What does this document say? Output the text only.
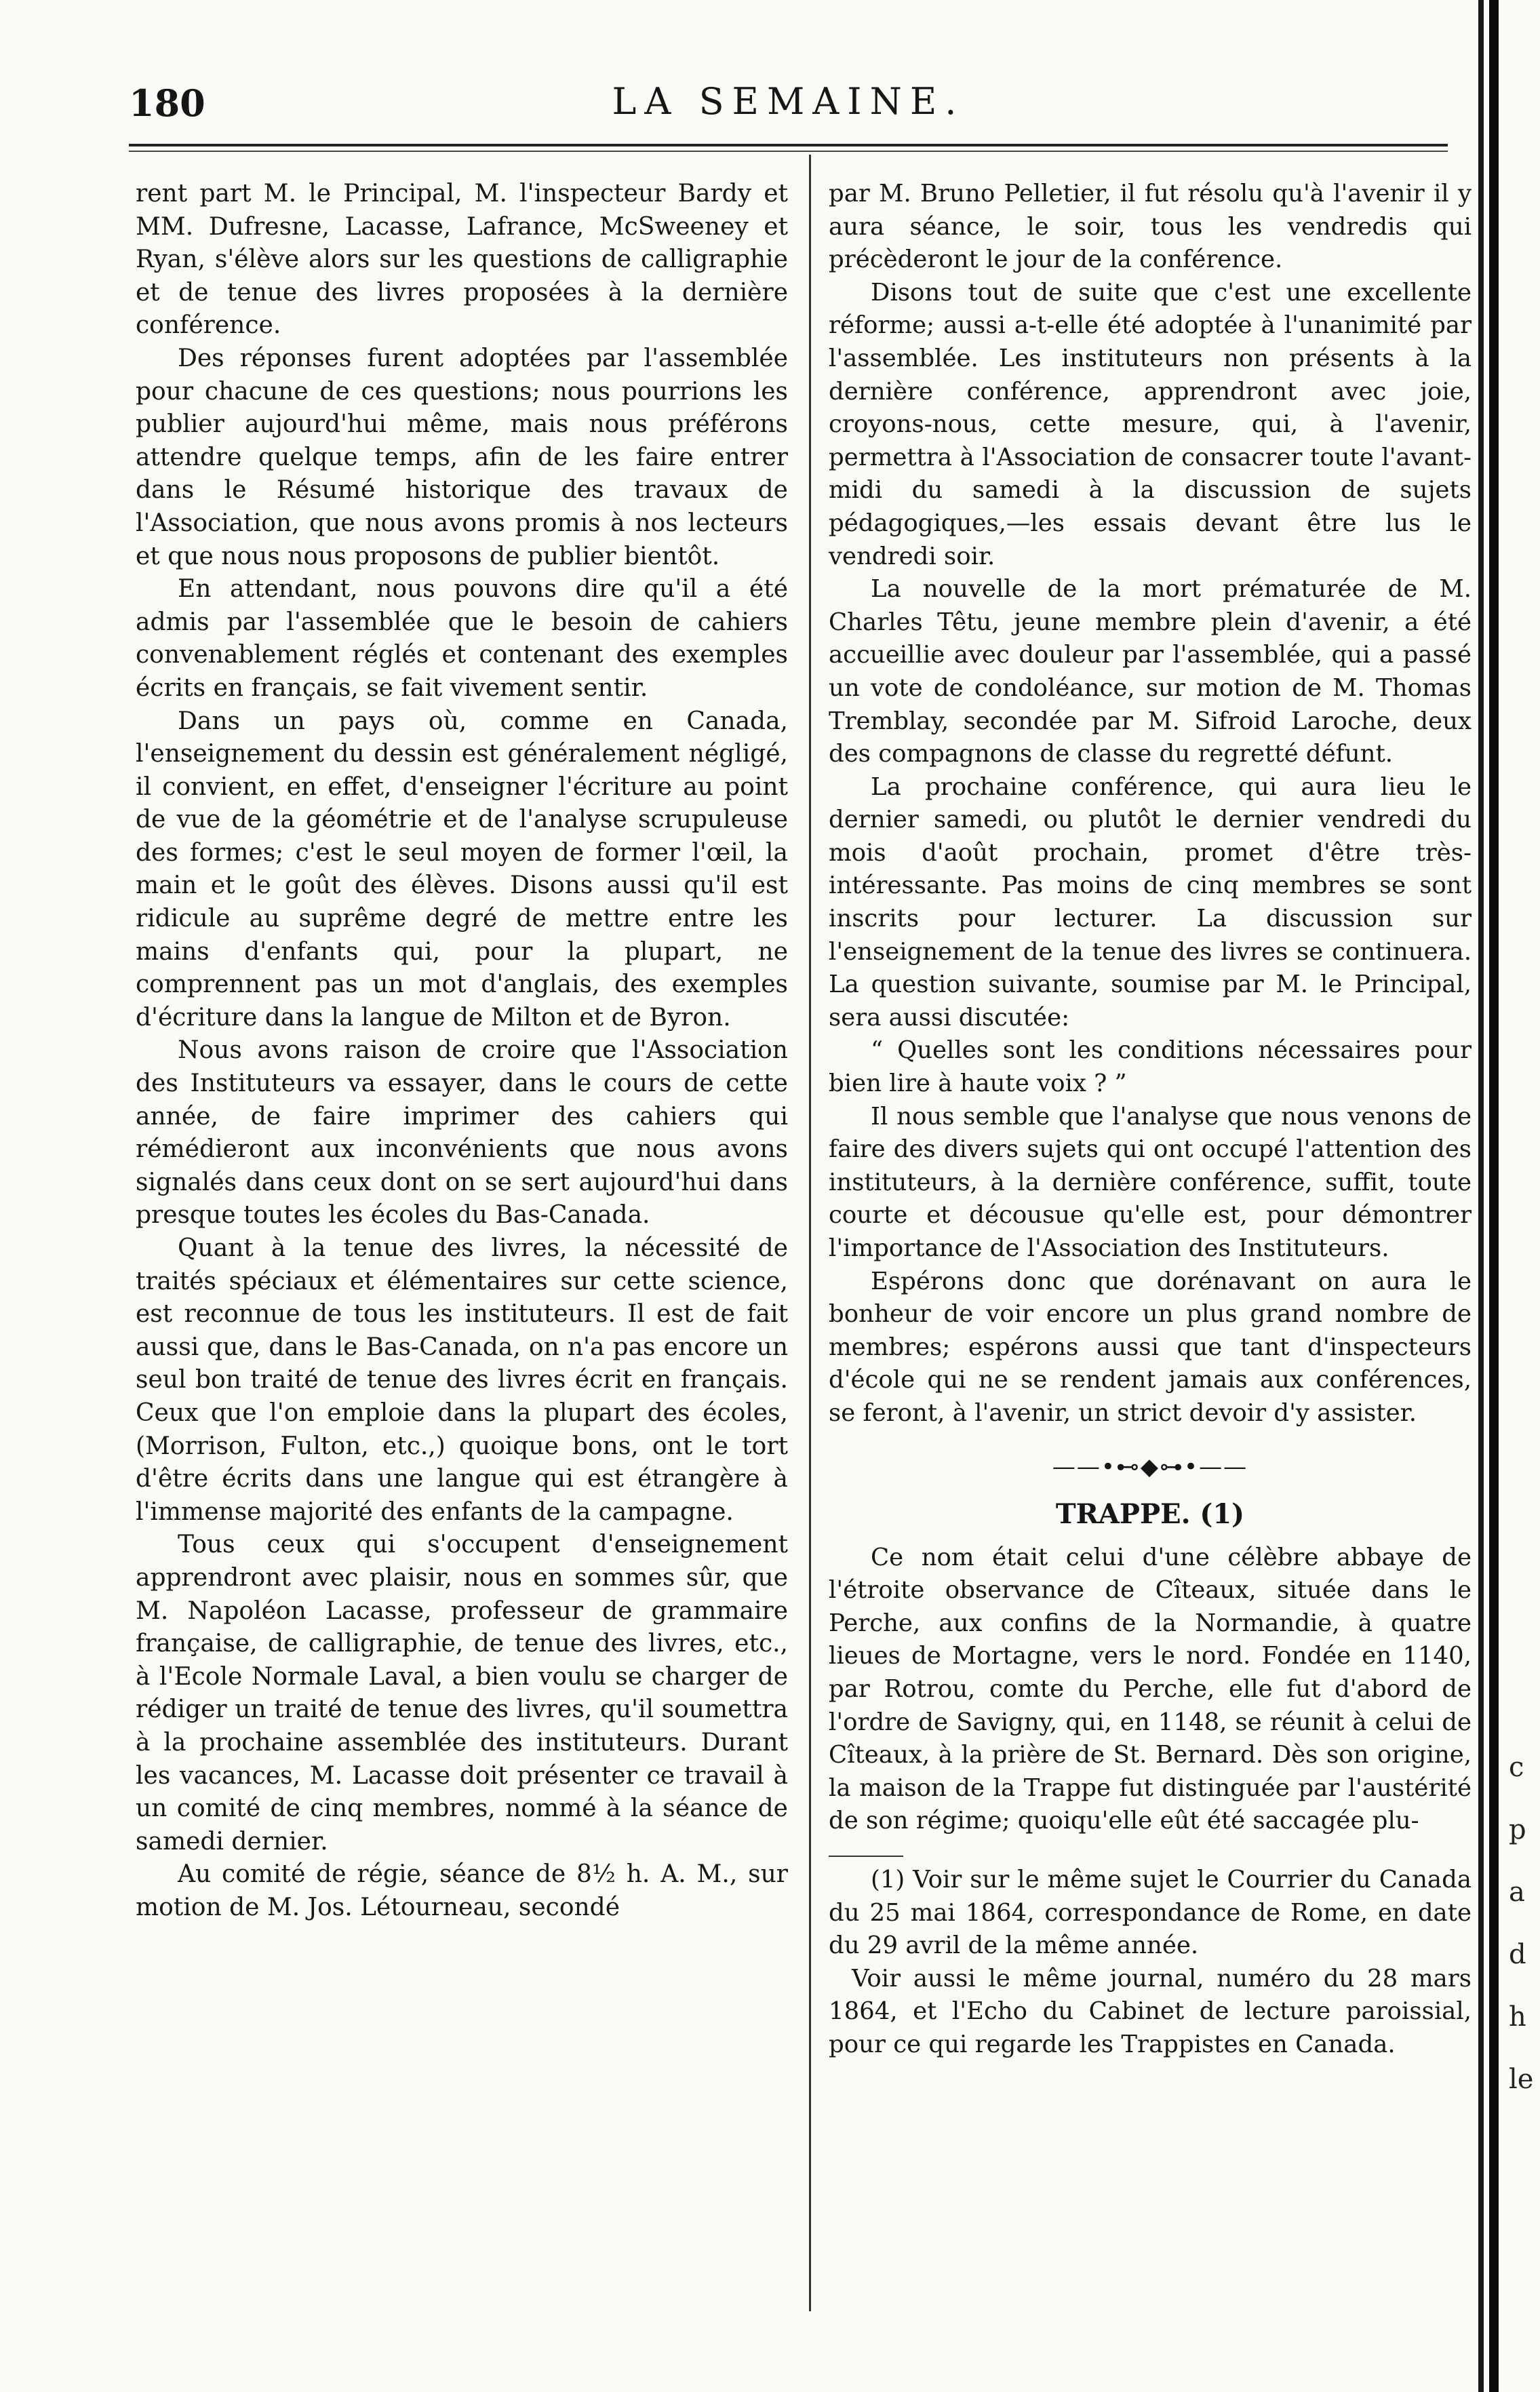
180	LA SEMAINE.

rent part M. le Principal, M. l'inspecteur Bardy et MM. Dufresne, Lacasse, Lafrance, McSweeney et Ryan, s'élève alors sur les questions de calligraphie et de tenue des livres proposées à la dernière conférence.

Des réponses furent adoptées par l'assemblée pour chacune de ces questions; nous pourrions les publier aujourd'hui même, mais nous préférons attendre quelque temps, afin de les faire entrer dans le Résumé historique des travaux de l'Association, que nous avons promis à nos lecteurs et que nous nous proposons de publier bientôt.

En attendant, nous pouvons dire qu'il a été admis par l'assemblée que le besoin de cahiers convenablement réglés et contenant des exemples écrits en français, se fait vivement sentir.

Dans un pays où, comme en Canada, l'enseignement du dessin est généralement négligé, il convient, en effet, d'enseigner l'écriture au point de vue de la géométrie et de l'analyse scrupuleuse des formes; c'est le seul moyen de former l'œil, la main et le goût des élèves. Disons aussi qu'il est ridicule au suprême degré de mettre entre les mains d'enfants qui, pour la plupart, ne comprennent pas un mot d'anglais, des exemples d'écriture dans la langue de Milton et de Byron.

Nous avons raison de croire que l'Association des Instituteurs va essayer, dans le cours de cette année, de faire imprimer des cahiers qui rémédieront aux inconvénients que nous avons signalés dans ceux dont on se sert aujourd'hui dans presque toutes les écoles du Bas-Canada.

Quant à la tenue des livres, la nécessité de traités spéciaux et élémentaires sur cette science, est reconnue de tous les instituteurs. Il est de fait aussi que, dans le Bas-Canada, on n'a pas encore un seul bon traité de tenue des livres écrit en français. Ceux que l'on emploie dans la plupart des écoles, (Morrison, Fulton, etc.,) quoique bons, ont le tort d'être écrits dans une langue qui est étrangère à l'immense majorité des enfants de la campagne.

Tous ceux qui s'occupent d'enseignement apprendront avec plaisir, nous en sommes sûr, que M. Napoléon Lacasse, professeur de grammaire française, de calligraphie, de tenue des livres, etc., à l'Ecole Normale Laval, a bien voulu se charger de rédiger un traité de tenue des livres, qu'il soumettra à la prochaine assemblée des instituteurs. Durant les vacances, M. Lacasse doit présenter ce travail à un comité de cinq membres, nommé à la séance de samedi dernier.

Au comité de régie, séance de 8½ h. A. M., sur motion de M. Jos. Létourneau, secondé

par M. Bruno Pelletier, il fut résolu qu'à l'avenir il y aura séance, le soir, tous les vendredis qui précèderont le jour de la conférence.

Disons tout de suite que c'est une excellente réforme; aussi a-t-elle été adoptée à l'unanimité par l'assemblée. Les instituteurs non présents à la dernière conférence, apprendront avec joie, croyons-nous, cette mesure, qui, à l'avenir, permettra à l'Association de consacrer toute l'avant-midi du samedi à la discussion de sujets pédagogiques,—les essais devant être lus le vendredi soir.

La nouvelle de la mort prématurée de M. Charles Têtu, jeune membre plein d'avenir, a été accueillie avec douleur par l'assemblée, qui a passé un vote de condoléance, sur motion de M. Thomas Tremblay, secondée par M. Sifroid Laroche, deux des compagnons de classe du regretté défunt.

La prochaine conférence, qui aura lieu le dernier samedi, ou plutôt le dernier vendredi du mois d'août prochain, promet d'être très-intéressante. Pas moins de cinq membres se sont inscrits pour lecturer. La discussion sur l'enseignement de la tenue des livres se continuera. La question suivante, soumise par M. le Principal, sera aussi discutée:

“ Quelles sont les conditions nécessaires pour bien lire à haute voix ? ”

Il nous semble que l'analyse que nous venons de faire des divers sujets qui ont occupé l'attention des instituteurs, à la dernière conférence, suffit, toute courte et décousue qu'elle est, pour démontrer l'importance de l'Association des Instituteurs.

Espérons donc que dorénavant on aura le bonheur de voir encore un plus grand nombre de membres; espérons aussi que tant d'inspecteurs d'école qui ne se rendent jamais aux conférences, se feront, à l'avenir, un strict devoir d'y assister.

——•⊷◆⊶•——
TRAPPE. (1)

Ce nom était celui d'une célèbre abbaye de l'étroite observance de Cîteaux, située dans le Perche, aux confins de la Normandie, à quatre lieues de Mortagne, vers le nord. Fondée en 1140, par Rotrou, comte du Perche, elle fut d'abord de l'ordre de Savigny, qui, en 1148, se réunit à celui de Cîteaux, à la prière de St. Bernard. Dès son origine, la maison de la Trappe fut distinguée par l'austérité de son régime; quoiqu'elle eût été saccagée plu-

(1) Voir sur le même sujet le Courrier du Canada du 25 mai 1864, correspondance de Rome, en date du 29 avril de la même année.

Voir aussi le même journal, numéro du 28 mars 1864, et l'Echo du Cabinet de lecture paroissial, pour ce qui regarde les Trappistes en Canada.

c
p
a
d
h
le
